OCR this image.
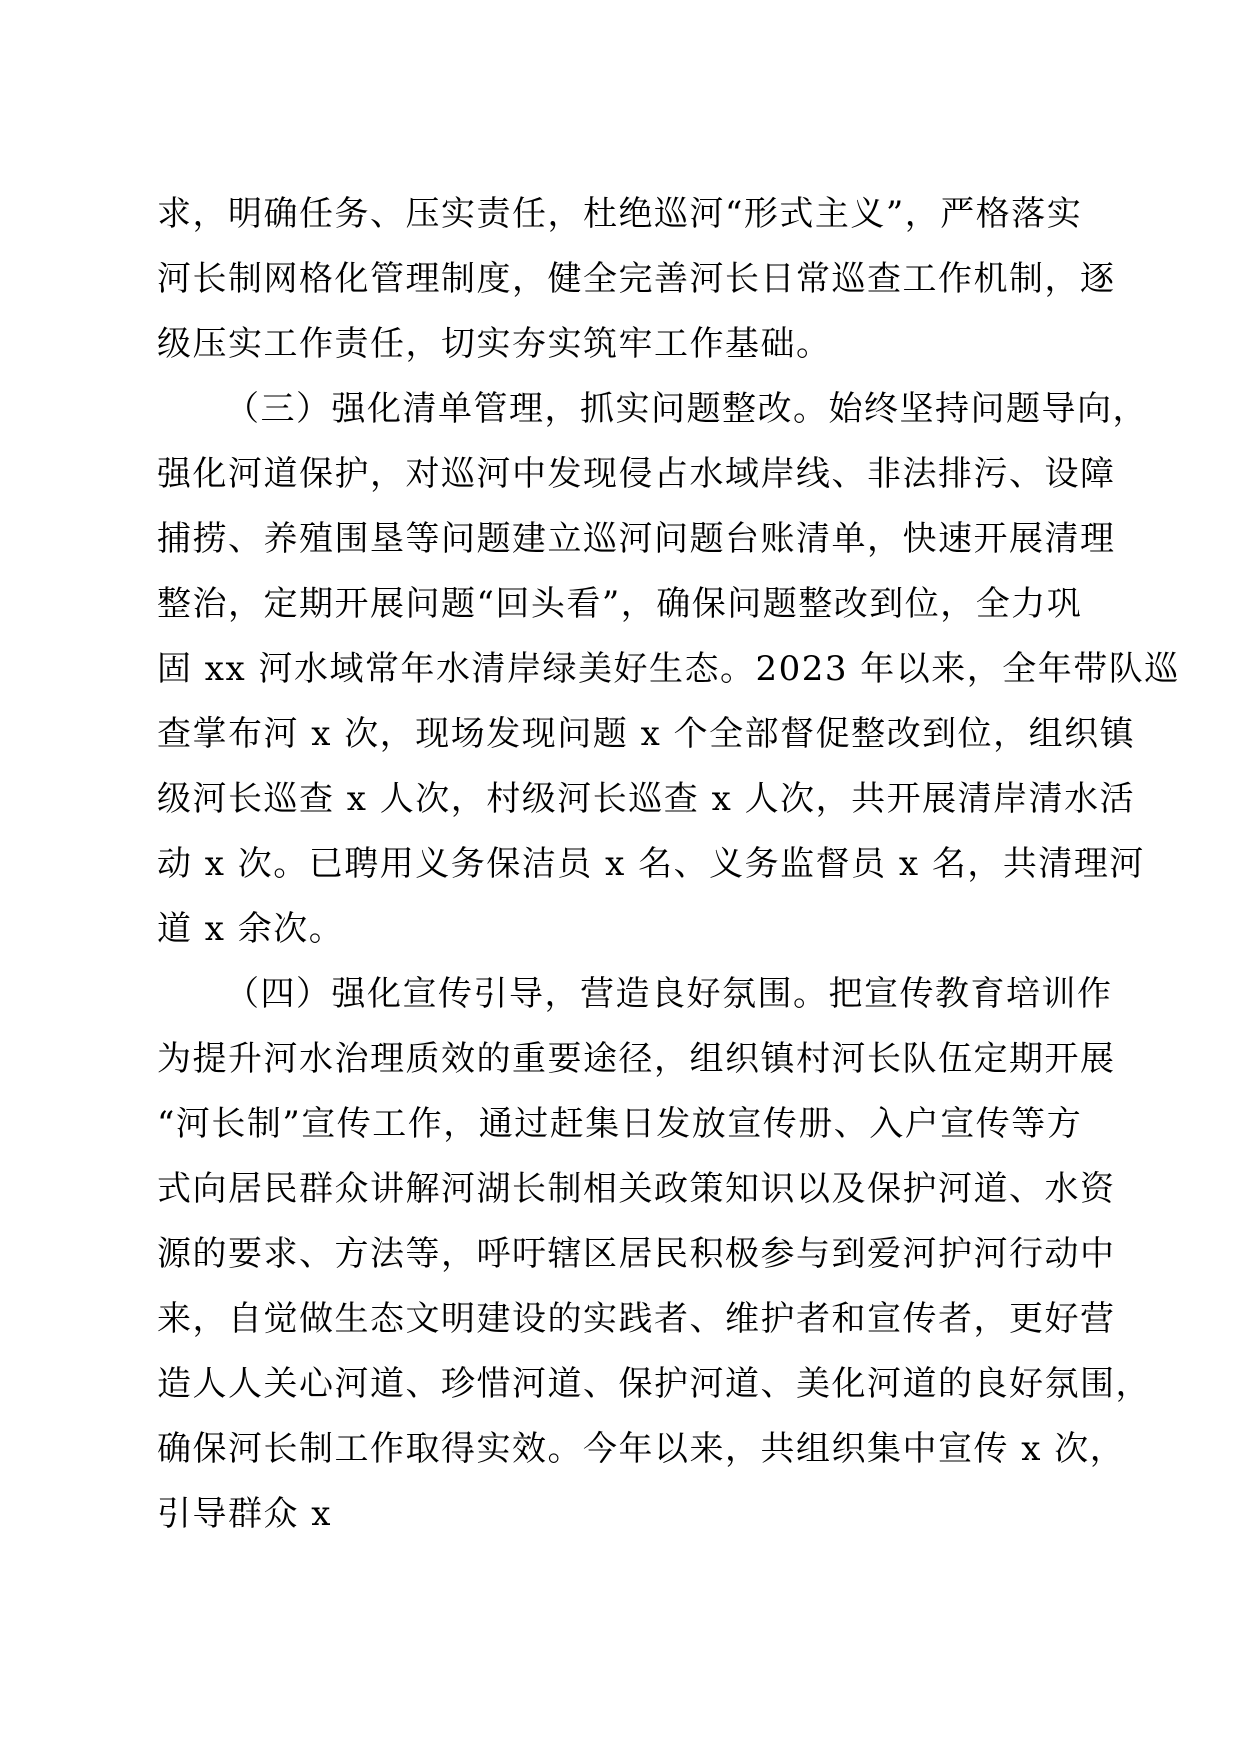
求，明确任务、压实责任，杜绝巡河“形式主义”，严格落实
河长制网格化管理制度，健全完善河长日常巡查工作机制，逐
级压实工作责任，切实夯实筑牢工作基础。

（三）强化清单管理，抓实问题整改。始终坚持问题导向，
强化河道保护，对巡河中发现侵占水域岸线、非法排污、设障
捕捞、养殖围垦等问题建立巡河问题台账清单，快速开展清理
整治，定期开展问题“回头看”，确保问题整改到位，全力巩
固 xx 河水域常年水清岸绿美好生态。2023 年以来，全年带队巡
查掌布河 x 次，现场发现问题 x 个全部督促整改到位，组织镇
级河长巡查 x 人次，村级河长巡查 x 人次，共开展清岸清水活
动 x 次。已聘用义务保洁员 x 名、义务监督员 x 名，共清理河
道 x 余次。

（四）强化宣传引导，营造良好氛围。把宣传教育培训作
为提升河水治理质效的重要途径，组织镇村河长队伍定期开展
“河长制”宣传工作，通过赶集日发放宣传册、入户宣传等方
式向居民群众讲解河湖长制相关政策知识以及保护河道、水资
源的要求、方法等，呼吁辖区居民积极参与到爱河护河行动中
来，自觉做生态文明建设的实践者、维护者和宣传者，更好营
造人人关心河道、珍惜河道、保护河道、美化河道的良好氛围，
确保河长制工作取得实效。今年以来，共组织集中宣传 x 次，
引导群众 x
